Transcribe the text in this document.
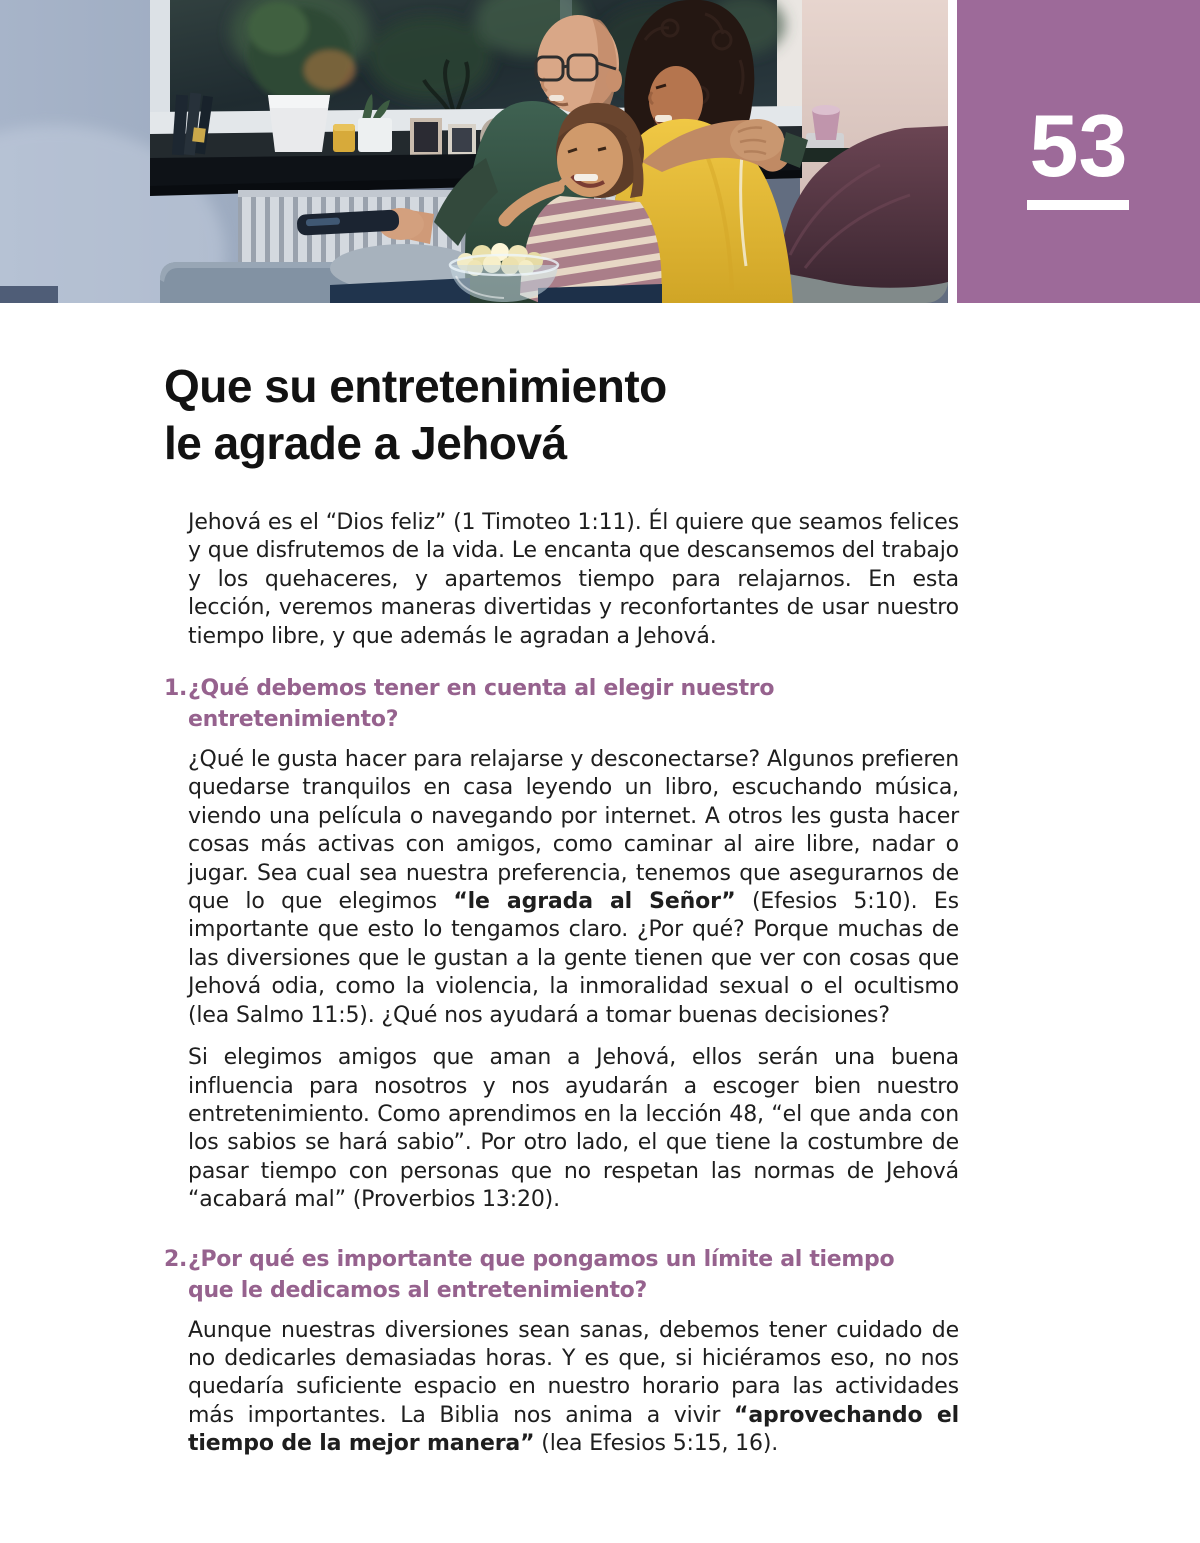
53
Que su entretenimiento
le agrade a Jehová

Jehová es el “Dios feliz” (1 Timoteo 1:11). Él quiere que seamos felices y que disfrutemos de la vida. Le encanta que descansemos del trabajo y los quehaceres, y apartemos tiempo para relajarnos. En esta lección, veremos maneras divertidas y reconfortantes de usar nuestro tiempo libre, y que además le agradan a Jehová.

1. ¿Qué debemos tener en cuenta al elegir nuestro entretenimiento?

¿Qué le gusta hacer para relajarse y desconectarse? Algunos prefieren quedarse tranquilos en casa leyendo un libro, escuchando música, viendo una película o navegando por internet. A otros les gusta hacer cosas más activas con amigos, como caminar al aire libre, nadar o jugar. Sea cual sea nuestra preferencia, tenemos que asegurarnos de que lo que elegimos “le agrada al Señor” (Efesios 5:10). Es importante que esto lo tengamos claro. ¿Por qué? Porque muchas de las diversiones que le gustan a la gente tienen que ver con cosas que Jehová odia, como la violencia, la inmoralidad sexual o el ocultismo (lea Salmo 11:5). ¿Qué nos ayudará a tomar buenas decisiones?

Si elegimos amigos que aman a Jehová, ellos serán una buena influencia para nosotros y nos ayudarán a escoger bien nuestro entretenimiento. Como aprendimos en la lección 48, “el que anda con los sabios se hará sabio”. Por otro lado, el que tiene la costumbre de pasar tiempo con personas que no respetan las normas de Jehová “acabará mal” (Proverbios 13:20).

2. ¿Por qué es importante que pongamos un límite al tiempo
que le dedicamos al entretenimiento?

Aunque nuestras diversiones sean sanas, debemos tener cuidado de no dedicarles demasiadas horas. Y es que, si hiciéramos eso, no nos quedaría suficiente espacio en nuestro horario para las actividades más importantes. La Biblia nos anima a vivir “aprovechando el tiempo de la mejor manera” (lea Efesios 5:15, 16).
